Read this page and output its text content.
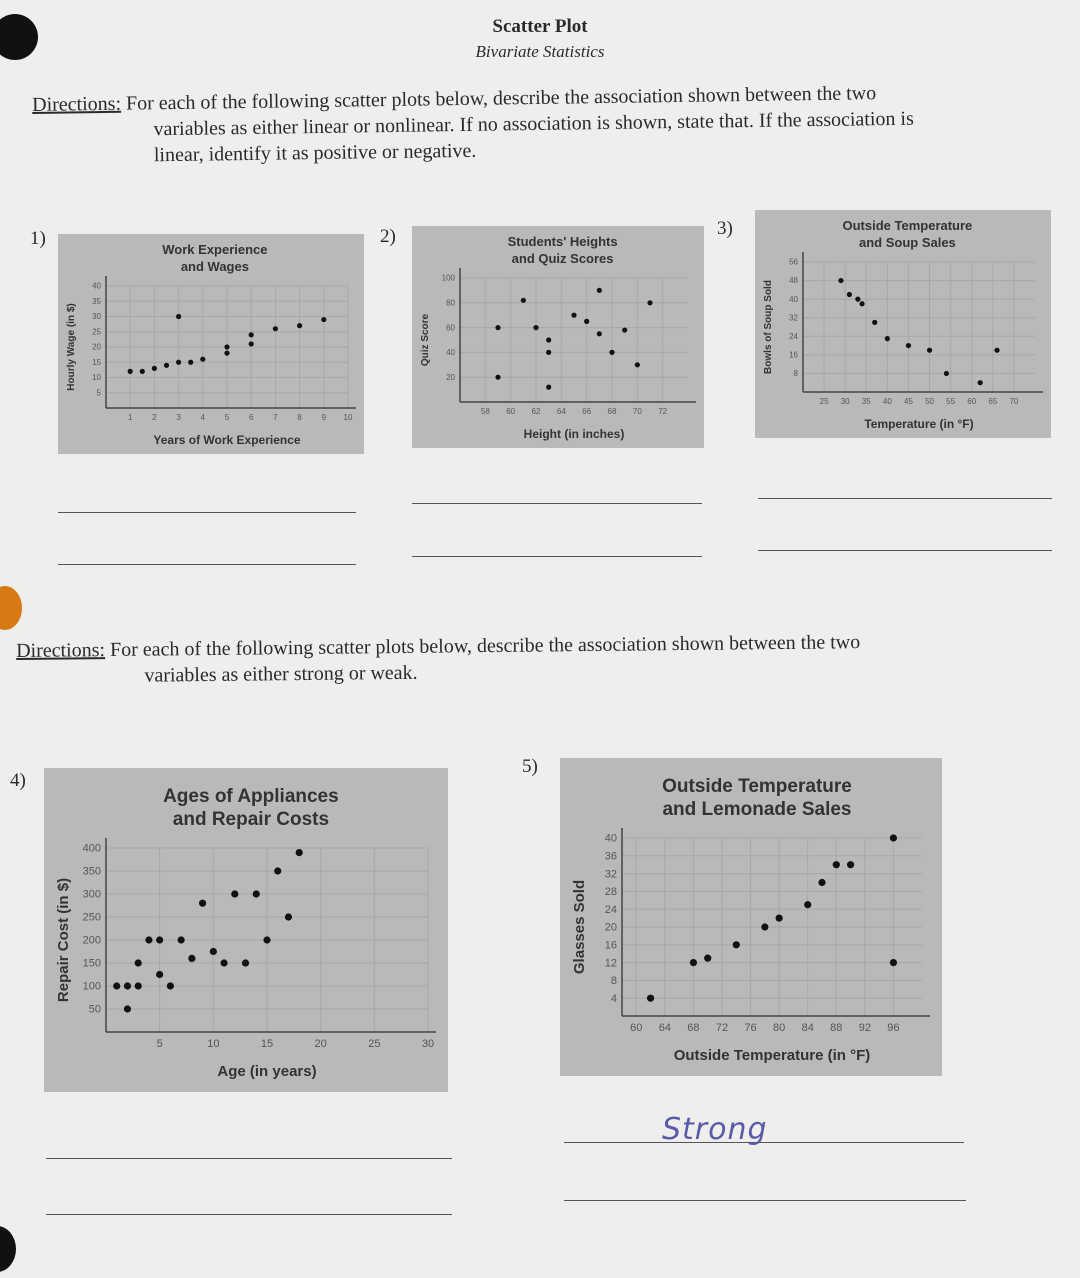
Scatter Plot
Bivariate Statistics
Directions: For each of the following scatter plots below, describe the association shown between the two
variables as either linear or nonlinear. If no association is shown, state that. If the association is
linear, identify it as positive or negative.
1)	2)	3)
4)
5)
1 2 3 4 5 6 7 8 9 10
5
10
15
20
25
30
35
40
Work Experience
and Wages
Years of Work Experience
Hourly Wage (in $)
58 60 62 64 66 68 70 72
20
40
60
80
100
Students' Heights
and Quiz Scores
Height (in inches)
Quiz Score
25 30 35 40 45 50 55 60 65 70
8
16
24
32
40
48
56
Outside Temperature
and Soup Sales
Temperature (in °F)
Bowls of Soup Sold
5	10	15	20	25	30
50
100
150
200
250
300
350
400
Ages of Appliances
and Repair Costs
Age (in years)
Repair Cost (in $)
60 64 68 72 76 80 84 88 92 96
4
8
12
16
20
24
28
32
36
40
Outside Temperature
and Lemonade Sales
Outside Temperature (in °F)
Glasses Sold
Directions: For each of the following scatter plots below, describe the association shown between the two
variables as either strong or weak.
Strong
